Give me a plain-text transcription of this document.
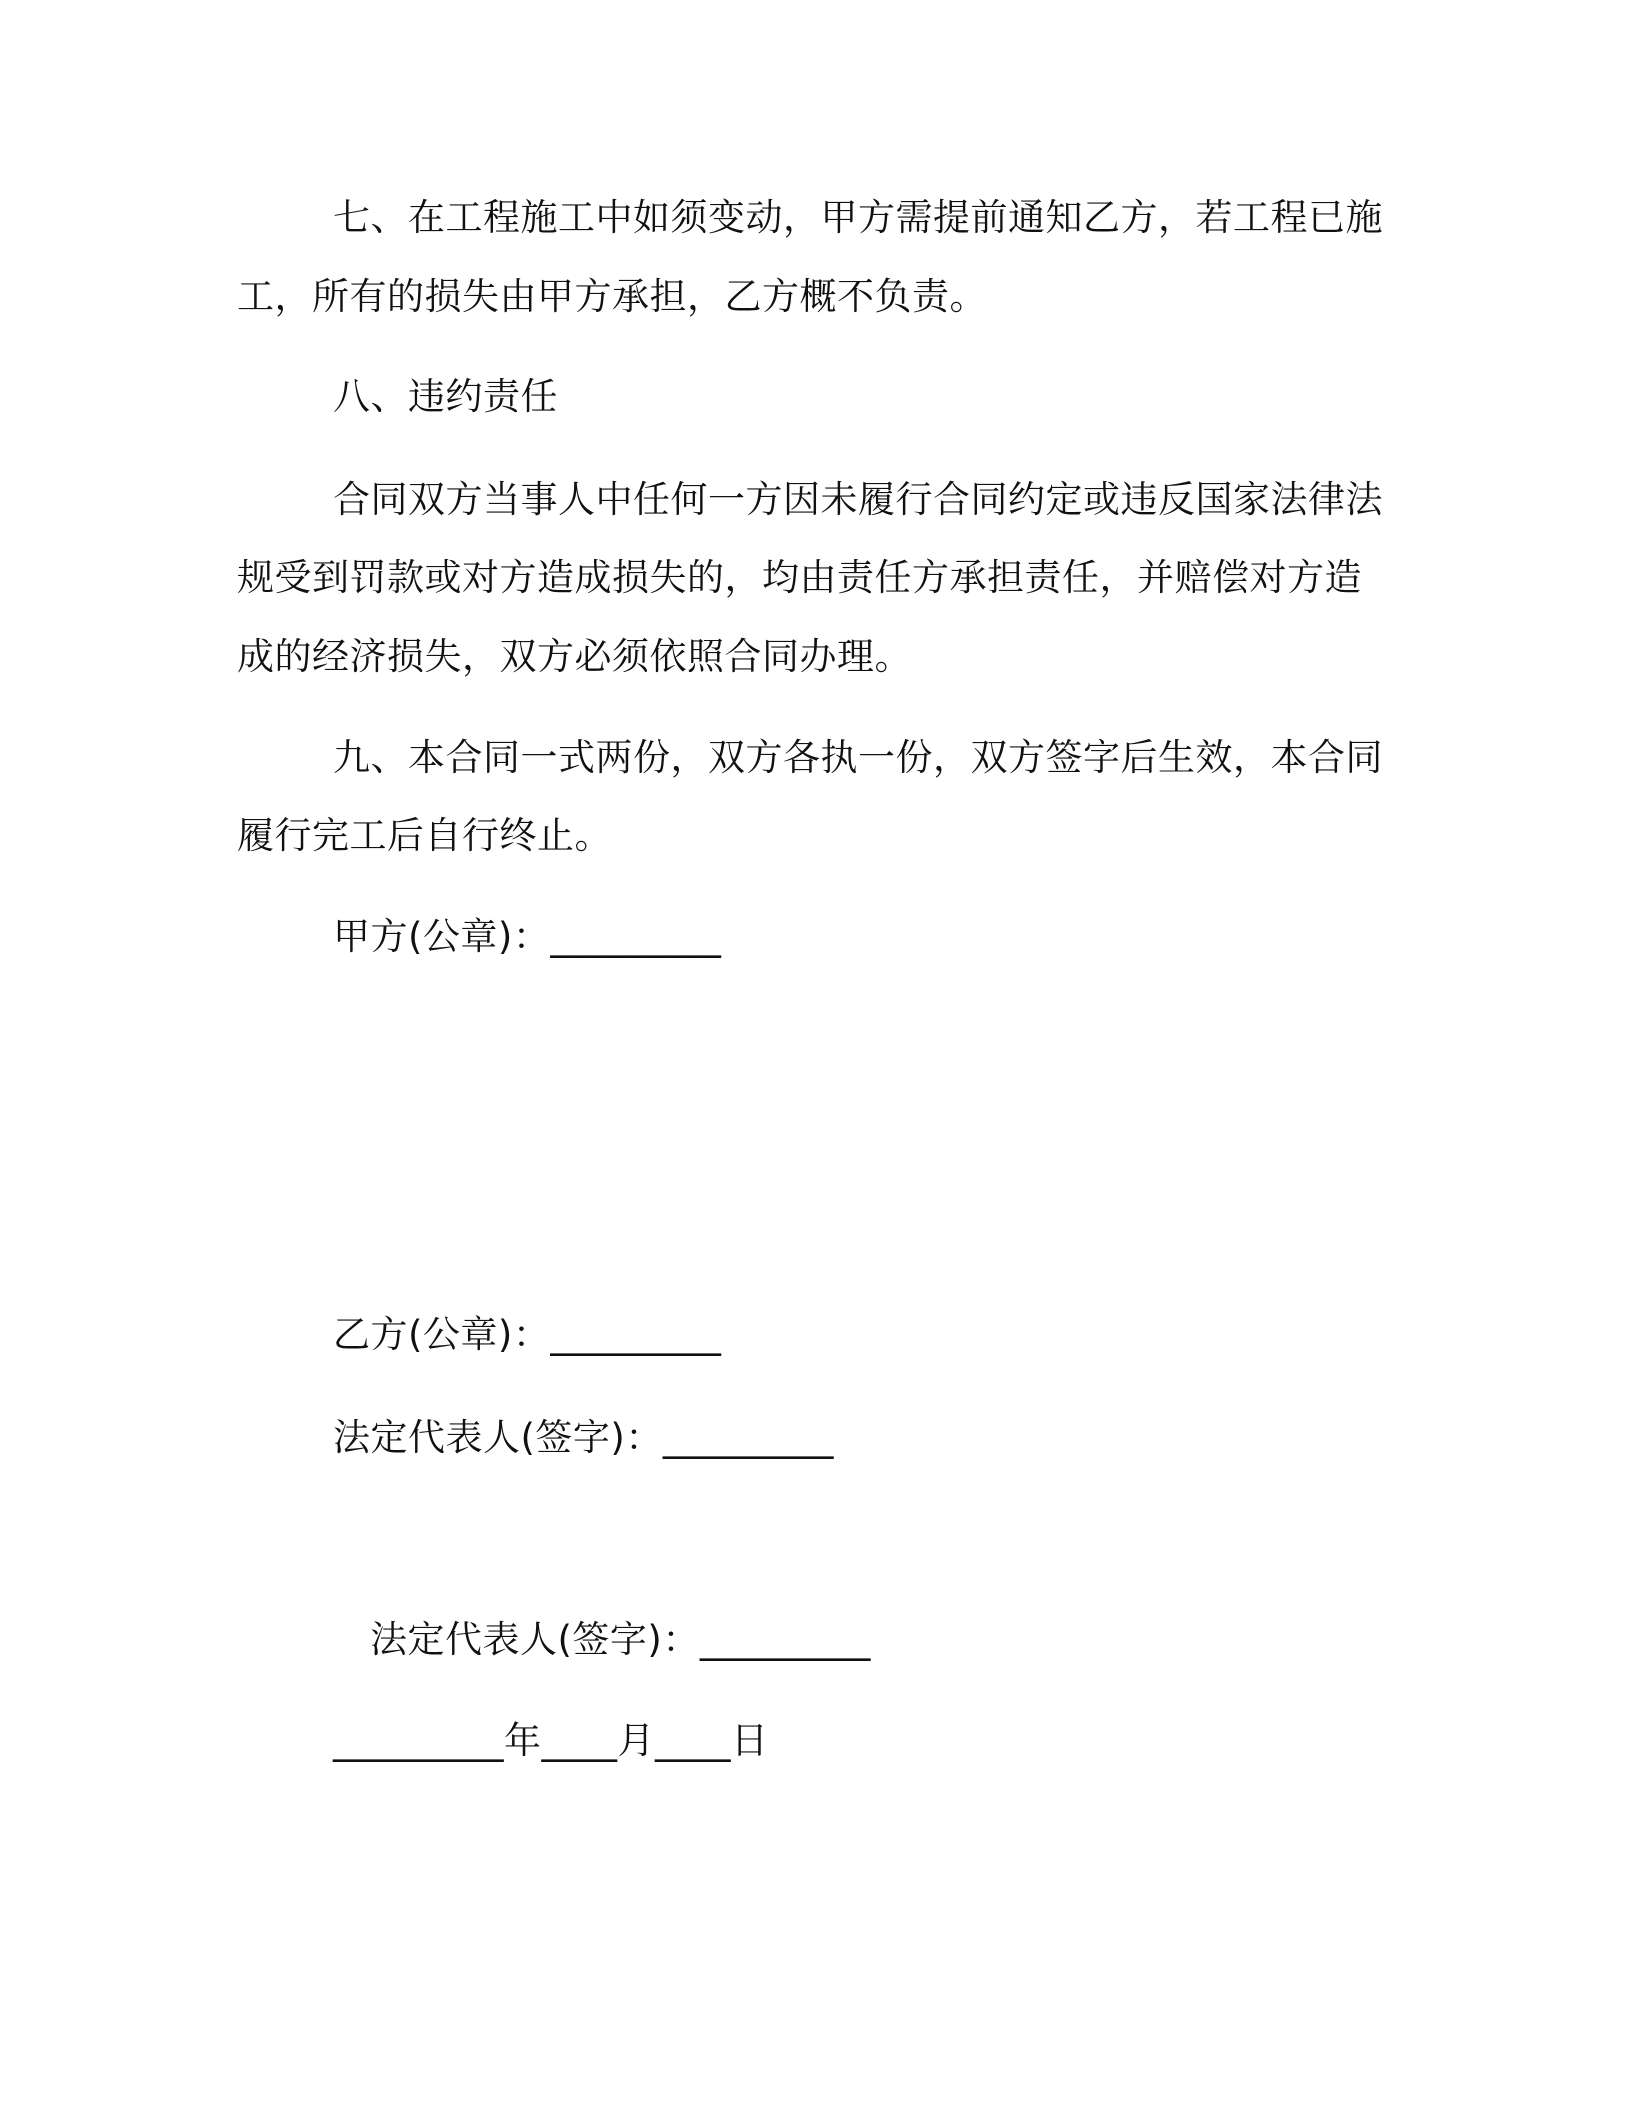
七、在工程施工中如须变动，甲方需提前通知乙方，若工程已施
工，所有的损失由甲方承担，乙方概不负责。
八、违约责任
合同双方当事人中任何一方因未履行合同约定或违反国家法律法
规受到罚款或对方造成损失的，均由责任方承担责任，并赔偿对方造
成的经济损失，双方必须依照合同办理。
九、本合同一式两份，双方各执一份，双方签字后生效，本合同
履行完工后自行终止。
甲方(公章)：_________
乙方(公章)：_________
法定代表人(签字)：_________
法定代表人(签字)：_________
_________年____月____日
